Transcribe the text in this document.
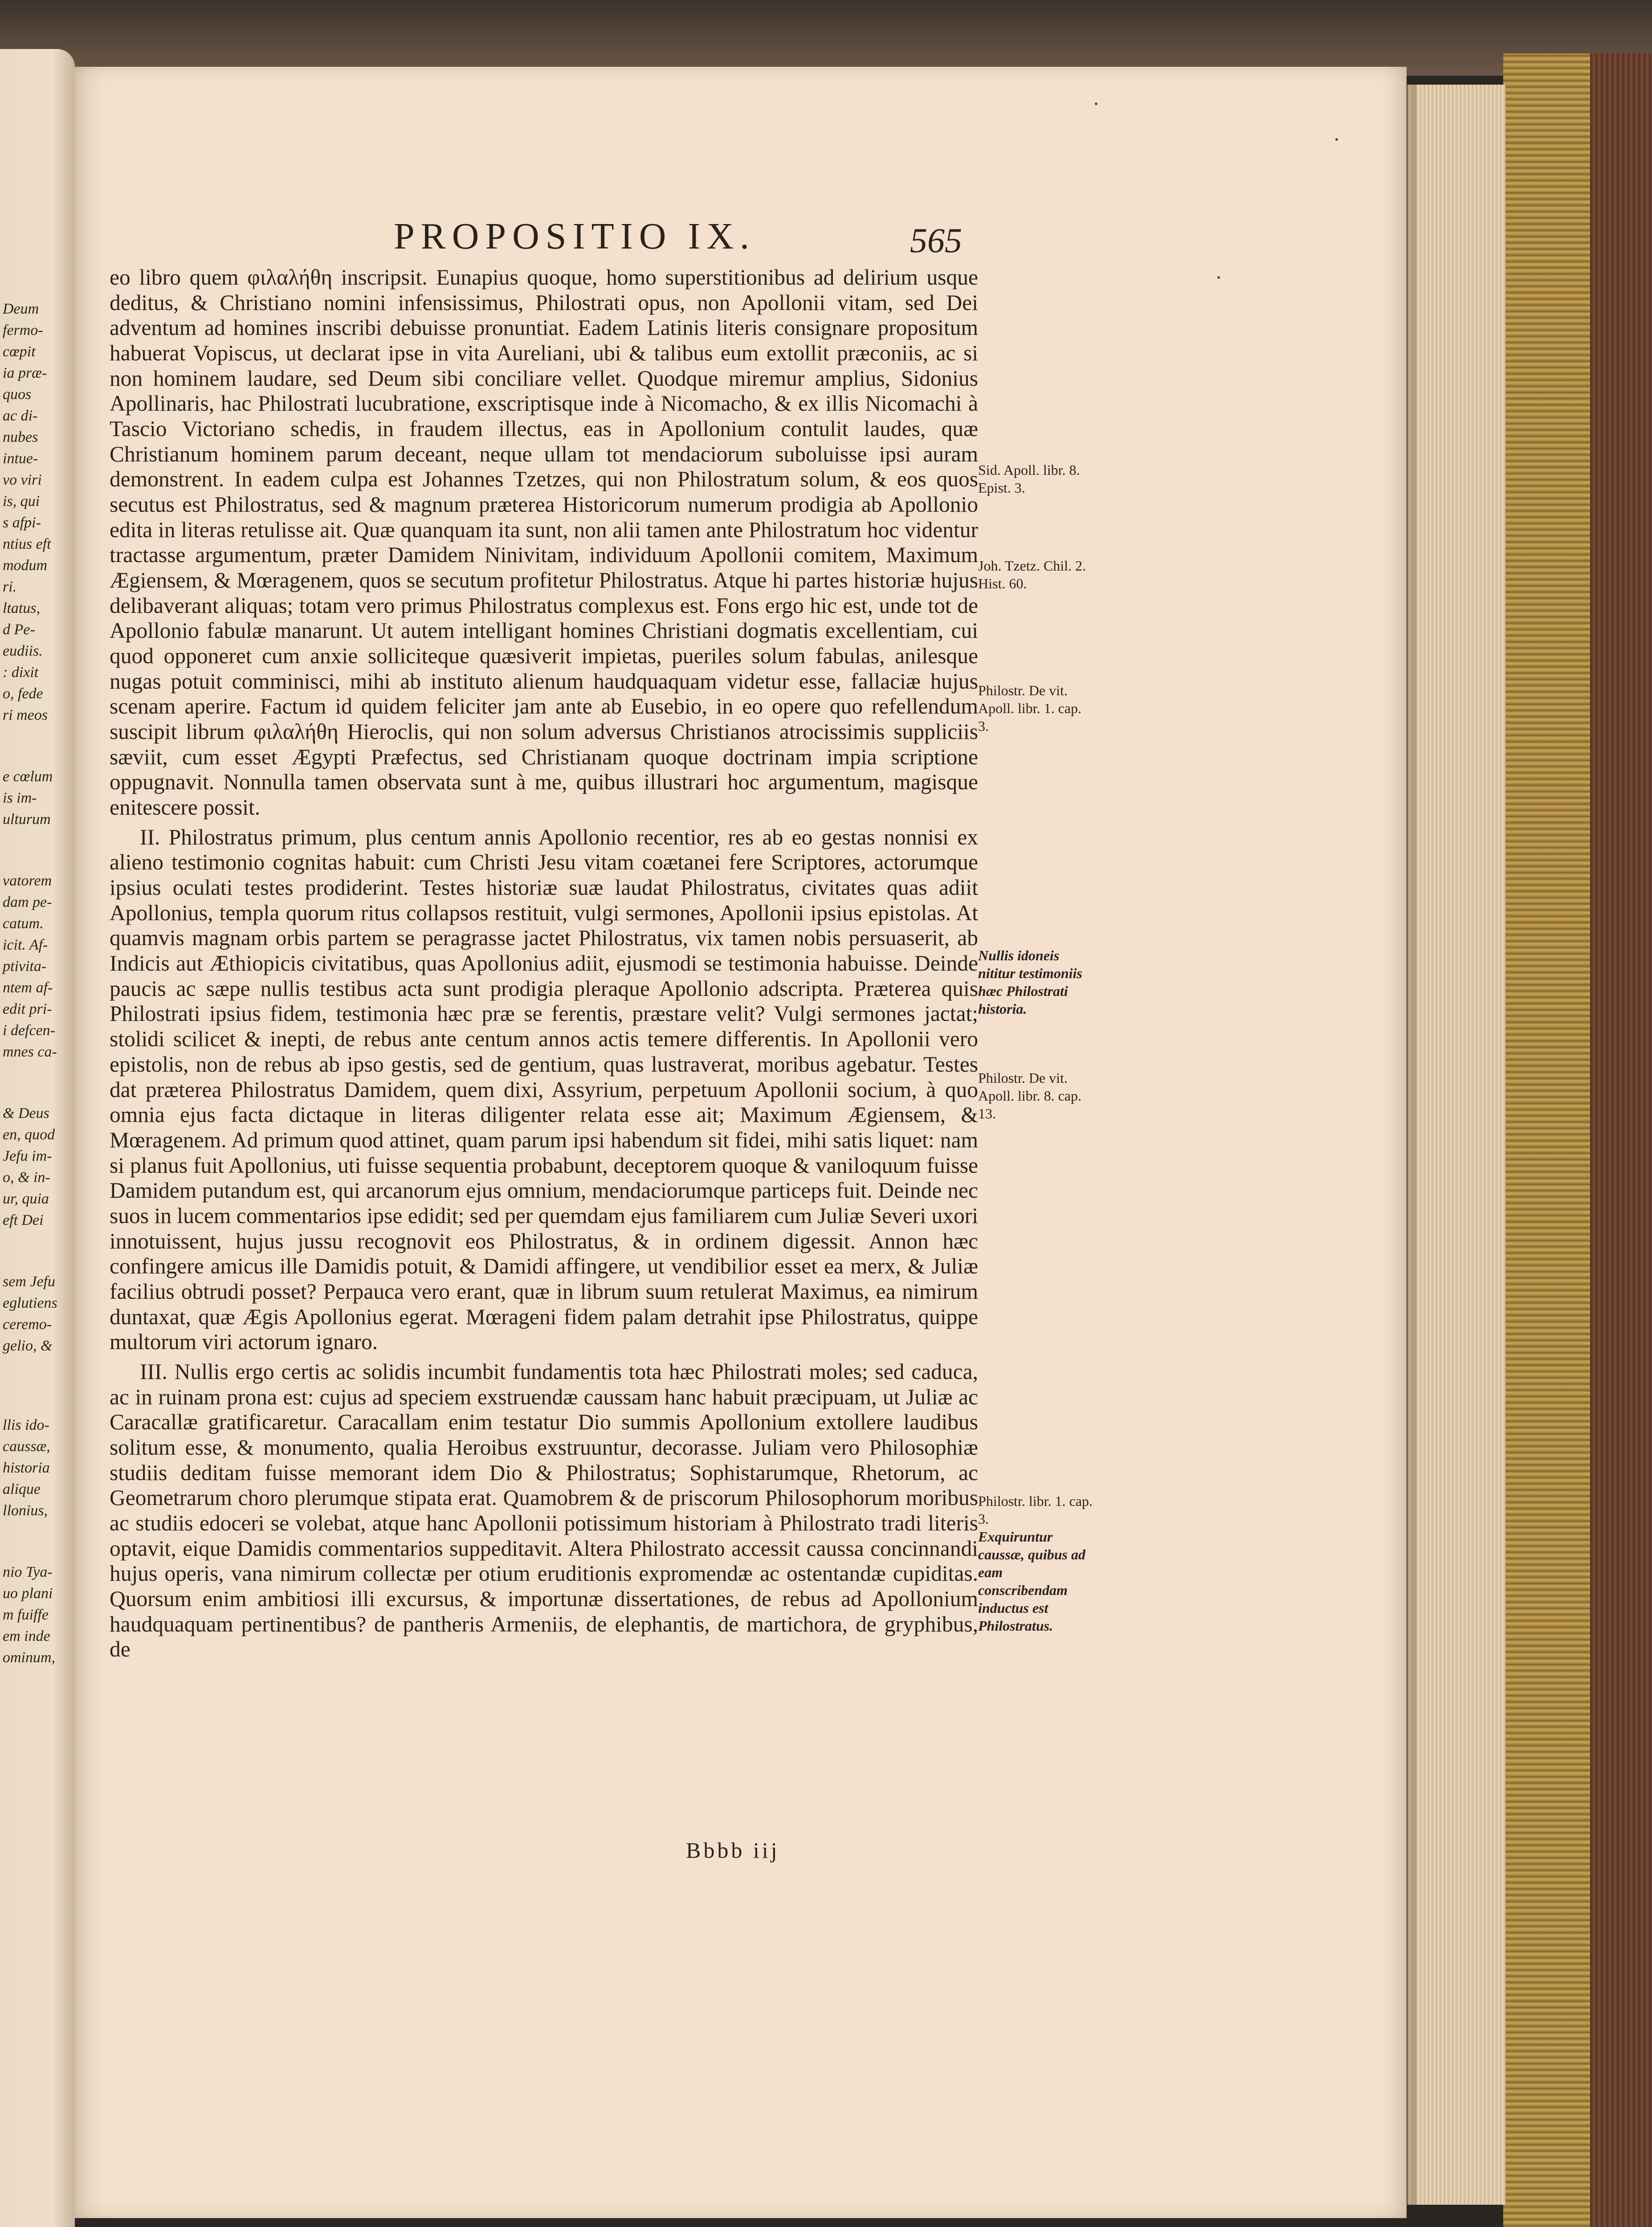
Deum
fermo-
cœpit
ia præ-
quos
ac di-
nubes
intue-
vo viri
is, qui
s afpi-
ntius eft
modum
ri.
ltatus,
d Pe-
eudiis.
: dixit
o, fede
ri meos
e cœlum
is im-
ulturum
vatorem
dam pe-
catum.
icit. Af-
ptivita-
ntem af-
edit pri-
i defcen-
mnes ca-
& Deus
en, quod
Jefu im-
o, & in-
ur, quia
eft Dei
sem Jefu
eglutiens
ceremo-
gelio, &
llis ido-
caussæ,
historia
alique
llonius,
nio Tya-
uo plani
m fuiffe
em inde
ominum,
PROPOSITIO IX.	565

eo libro quem φιλαλήθη inscripsit. Eunapius quoque, homo superstitionibus ad delirium usque deditus, & Christiano nomini infensissimus, Philostrati opus, non Apollonii vitam, sed Dei adventum ad homines inscribi debuisse pronuntiat. Eadem Latinis literis consignare propositum habuerat Vopiscus, ut declarat ipse in vita Aureliani, ubi & talibus eum extollit præconiis, ac si non hominem laudare, sed Deum sibi conciliare vellet. Quodque miremur amplius, Sidonius Apollinaris, hac Philostrati lucubratione, exscriptisque inde à Nicomacho, & ex illis Nicomachi à Tascio Victoriano schedis, in fraudem illectus, eas in Apollonium contulit laudes, quæ Christianum hominem parum deceant, neque ullam tot mendaciorum suboluisse ipsi auram demonstrent. In eadem culpa est Johannes Tzetzes, qui non Philostratum solum, & eos quos secutus est Philostratus, sed & magnum præterea Historicorum numerum prodigia ab Apollonio edita in literas retulisse ait. Quæ quanquam ita sunt, non alii tamen ante Philostratum hoc videntur tractasse argumentum, præter Damidem Ninivitam, individuum Apollonii comitem, Maximum Ægiensem, & Mœragenem, quos se secutum profitetur Philostratus. Atque hi partes historiæ hujus delibaverant aliquas; totam vero primus Philostratus complexus est. Fons ergo hic est, unde tot de Apollonio fabulæ manarunt. Ut autem intelligant homines Christiani dogmatis excellentiam, cui quod opponeret cum anxie solliciteque quæsiverit impietas, pueriles solum fabulas, anilesque nugas potuit comminisci, mihi ab instituto alienum haudquaquam videtur esse, fallaciæ hujus scenam aperire. Factum id quidem feliciter jam ante ab Eusebio, in eo opere quo refellendum suscipit librum φιλαλήθη Hieroclis, qui non solum adversus Christianos atrocissimis suppliciis sæviit, cum esset Ægypti Præfectus, sed Christianam quoque doctrinam impia scriptione oppugnavit. Nonnulla tamen observata sunt à me, quibus illustrari hoc argumentum, magisque enitescere possit.

II. Philostratus primum, plus centum annis Apollonio recentior, res ab eo gestas nonnisi ex alieno testimonio cognitas habuit: cum Christi Jesu vitam coætanei fere Scriptores, actorumque ipsius oculati testes prodiderint. Testes historiæ suæ laudat Philostratus, civitates quas adiit Apollonius, templa quorum ritus collapsos restituit, vulgi sermones, Apollonii ipsius epistolas. At quamvis magnam orbis partem se peragrasse jactet Philostratus, vix tamen nobis persuaserit, ab Indicis aut Æthiopicis civitatibus, quas Apollonius adiit, ejusmodi se testimonia habuisse. Deinde paucis ac sæpe nullis testibus acta sunt prodigia pleraque Apollonio adscripta. Præterea quis Philostrati ipsius fidem, testimonia hæc præ se ferentis, præstare velit? Vulgi sermones jactat; stolidi scilicet & inepti, de rebus ante centum annos actis temere differentis. In Apollonii vero epistolis, non de rebus ab ipso gestis, sed de gentium, quas lustraverat, moribus agebatur. Testes dat præterea Philostratus Damidem, quem dixi, Assyrium, perpetuum Apollonii socium, à quo omnia ejus facta dictaque in literas diligenter relata esse ait; Maximum Ægiensem, & Mœragenem. Ad primum quod attinet, quam parum ipsi habendum sit fidei, mihi satis liquet: nam si planus fuit Apollonius, uti fuisse sequentia probabunt, deceptorem quoque & vaniloquum fuisse Damidem putandum est, qui arcanorum ejus omnium, mendaciorumque particeps fuit. Deinde nec suos in lucem commentarios ipse edidit; sed per quemdam ejus familiarem cum Juliæ Severi uxori innotuissent, hujus jussu recognovit eos Philostratus, & in ordinem digessit. Annon hæc confingere amicus ille Damidis potuit, & Damidi affingere, ut vendibilior esset ea merx, & Juliæ facilius obtrudi posset? Perpauca vero erant, quæ in librum suum retulerat Maximus, ea nimirum duntaxat, quæ Ægis Apollonius egerat. Mœrageni fidem palam detrahit ipse Philostratus, quippe multorum viri actorum ignaro.

III. Nullis ergo certis ac solidis incumbit fundamentis tota hæc Philostrati moles; sed caduca, ac in ruinam prona est: cujus ad speciem exstruendæ caussam hanc habuit præcipuam, ut Juliæ ac Caracallæ gratificaretur. Caracallam enim testatur Dio summis Apollonium extollere laudibus solitum esse, & monumento, qualia Heroibus exstruuntur, decorasse. Juliam vero Philosophiæ studiis deditam fuisse memorant idem Dio & Philostratus; Sophistarumque, Rhetorum, ac Geometrarum choro plerumque stipata erat. Quamobrem & de priscorum Philosophorum moribus ac studiis edoceri se volebat, atque hanc Apollonii potissimum historiam à Philostrato tradi literis optavit, eique Damidis commentarios suppeditavit. Altera Philostrato accessit caussa concinnandi hujus operis, vana nimirum collectæ per otium eruditionis expromendæ ac ostentandæ cupiditas. Quorsum enim ambitiosi illi excursus, & importunæ dissertationes, de rebus ad Apollonium haudquaquam pertinentibus? de pantheris Armeniis, de elephantis, de martichora, de gryphibus, de

Bbbb iij
Sid. Apoll. libr. 8. Epist. 3.
Joh. Tzetz. Chil. 2. Hist. 60.
Philostr. De vit. Apoll. libr. 1. cap. 3.
Nullis idoneis nititur testimoniis hæc Philostrati historia.
Philostr. De vit. Apoll. libr. 8. cap. 13.
Philostr. libr. 1. cap. 3.
Exquiruntur caussæ, quibus ad eam conscribendam inductus est Philostratus.
